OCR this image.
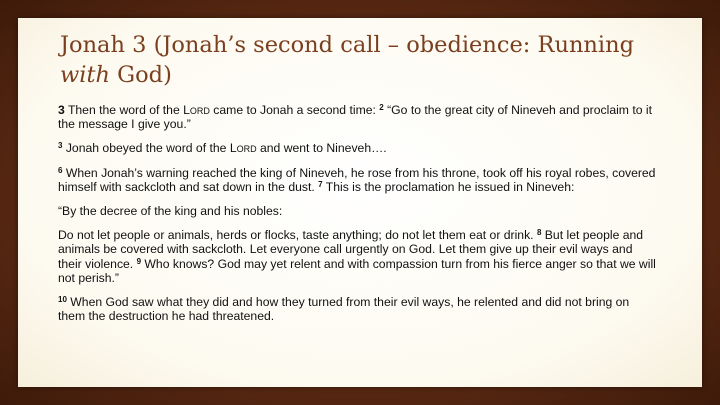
Jonah 3 (Jonah’s second call – obedience: Running with God)

3 Then the word of the Lord came to Jonah a second time: $^2$ “Go to the great city of Nineveh and proclaim to it the message I give you.”

$^3$ Jonah obeyed the word of the Lord and went to Nineveh….

$^6$ When Jonah’s warning reached the king of Nineveh, he rose from his throne, took off his royal robes, covered himself with sackcloth and sat down in the dust. $^7$ This is the proclamation he issued in Nineveh:

“By the decree of the king and his nobles:

Do not let people or animals, herds or flocks, taste anything; do not let them eat or drink. $^8$ But let people and animals be covered with sackcloth. Let everyone call urgently on God. Let them give up their evil ways and their violence. $^9$ Who knows? God may yet relent and with compassion turn from his fierce anger so that we will not perish.”

$^{10}$ When God saw what they did and how they turned from their evil ways, he relented and did not bring on them the destruction he had threatened.
